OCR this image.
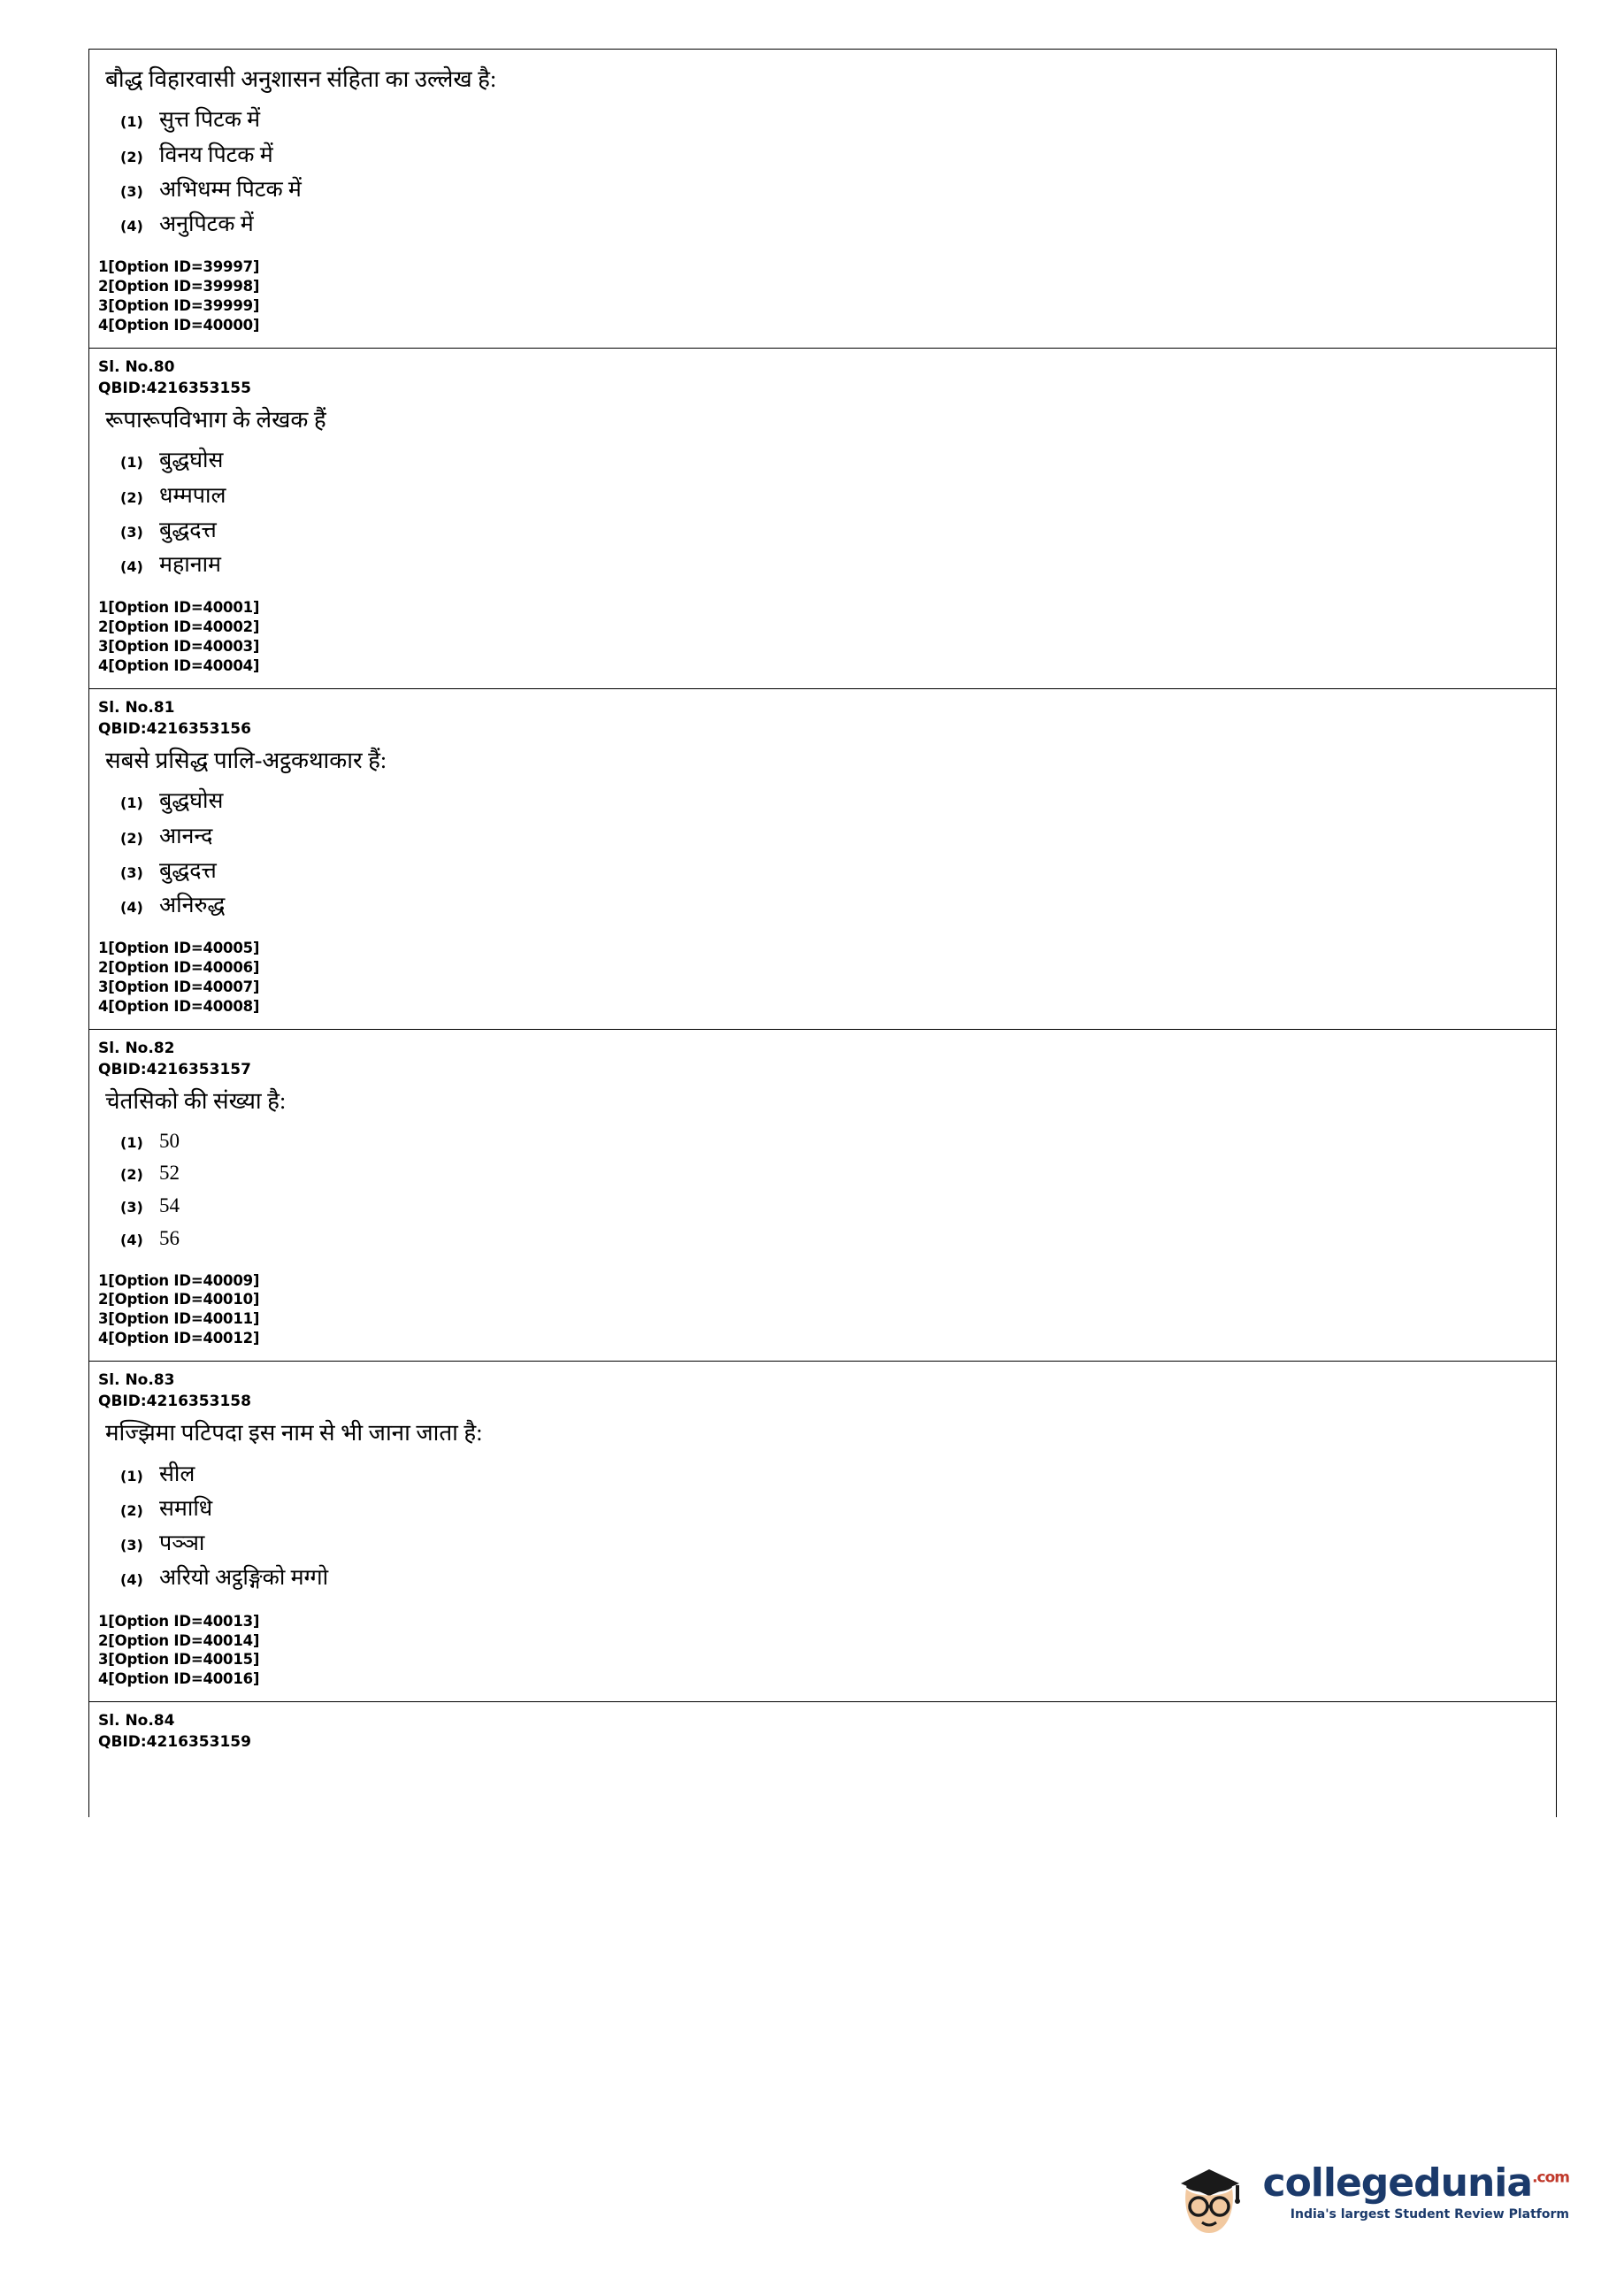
बौद्ध विहारवासी अनुशासन संहिता का उल्लेख है:
(1) सुत्त पिटक में
(2) विनय पिटक में
(3) अभिधम्म पिटक में
(4) अनुपिटक में
1[Option ID=39997]
2[Option ID=39998]
3[Option ID=39999]
4[Option ID=40000]
Sl. No.80
QBID:4216353155
रूपारूपविभाग के लेखक हैं
(1) बुद्धघोस
(2) धम्मपाल
(3) बुद्धदत्त
(4) महानाम
1[Option ID=40001]
2[Option ID=40002]
3[Option ID=40003]
4[Option ID=40004]
Sl. No.81
QBID:4216353156
सबसे प्रसिद्ध पालि-अट्ठकथाकार हैं:
(1) बुद्धघोस
(2) आनन्द
(3) बुद्धदत्त
(4) अनिरुद्ध
1[Option ID=40005]
2[Option ID=40006]
3[Option ID=40007]
4[Option ID=40008]
Sl. No.82
QBID:4216353157
चेतसिको की संख्या है:
(1) 50
(2) 52
(3) 54
(4) 56
1[Option ID=40009]
2[Option ID=40010]
3[Option ID=40011]
4[Option ID=40012]
Sl. No.83
QBID:4216353158
मज्झिमा पटिपदा इस नाम से भी जाना जाता है:
(1) सील
(2) समाधि
(3) पञ्ञा
(4) अरियो अट्ठङ्गिको मग्गो
1[Option ID=40013]
2[Option ID=40014]
3[Option ID=40015]
4[Option ID=40016]
Sl. No.84
QBID:4216353159
collegedunia$^{.com}$
India's largest Student Review Platform
